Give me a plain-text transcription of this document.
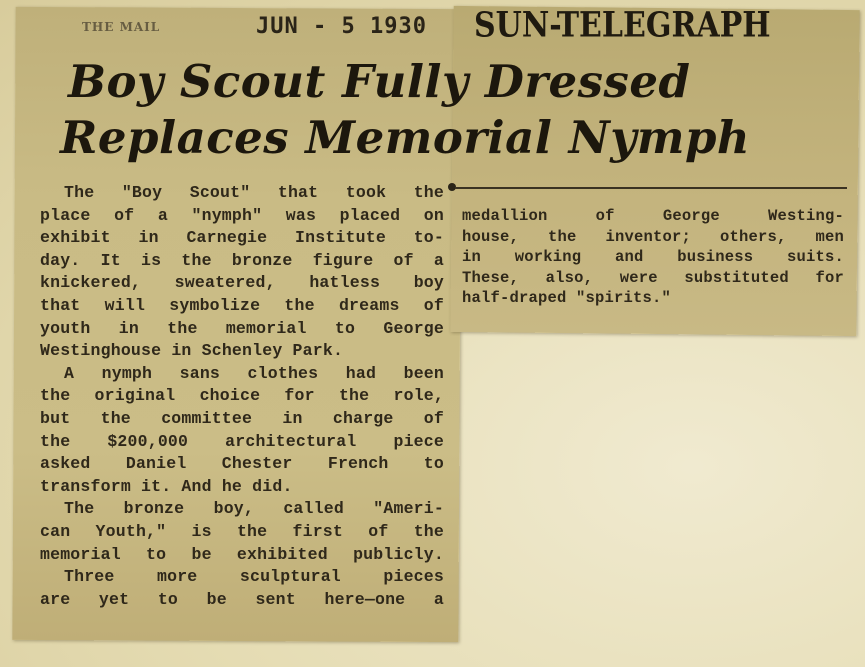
THE MAIL	JUN - 5 1930 SUN-TELEGRAPH
Boy Scout Fully Dressed
Replaces Memorial Nymph
The "Boy Scout" that took the
place of a "nymph" was placed on
exhibit in Carnegie Institute to-
day. It is the bronze figure of a
knickered, sweatered, hatless boy
that will symbolize the dreams of
youth in the memorial to George
Westinghouse in Schenley Park.
A nymph sans clothes had been
the original choice for the role,
but the committee in charge of
the $200,000 architectural piece
asked Daniel Chester French to
transform it. And he did.
The bronze boy, called "Ameri-
can Youth," is the first of the
memorial to be exhibited publicly.
Three more sculptural pieces
are yet to be sent here—one a
medallion of George Westing-
house, the inventor; others, men
in working and business suits.
These, also, were substituted for
half-draped "spirits."
